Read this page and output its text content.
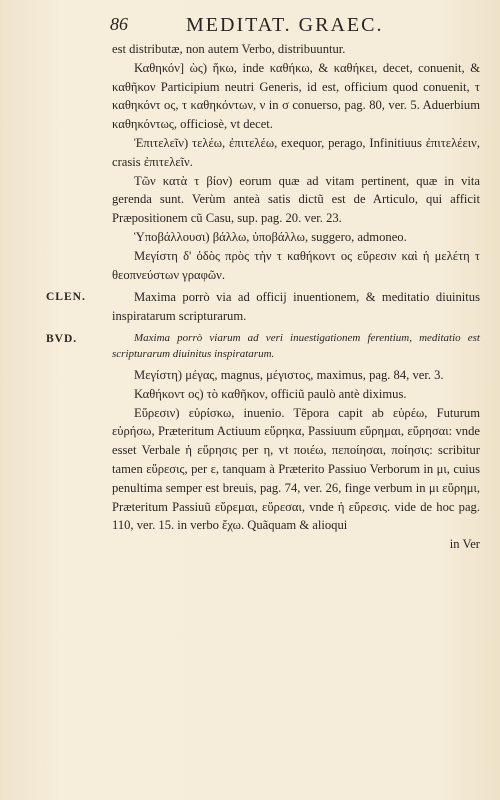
86	MEDITAT. GRAEC.

est distributæ, non autem Verbo, distribuuntur.

Καθηκόν] ὼς) ἥκω, inde καθήκω, & καθήκει, decet, conuenit, & καθῆκον Participium neutri Generis, id est, officium quod conuenit, τ καθηκόντ ος, τ καθηκόντων, ν in σ conuerso, pag. 80, ver. 5. Aduerbium καθηκόντως, officiosè, vt decet.

Ἐπιτελεῖν) τελέω, ἐπιτελέω, exequor, perago, Infinitiuus ἐπιτελέειν, crasis ἐπιτελεῖν.

Τῶν κατὰ τ βίον) eorum quæ ad vitam pertinent, quæ in vita gerenda sunt. Verùm anteà satis dictũ est de Articulo, qui afficit Præpositionem cũ Casu, sup. pag. 20. ver. 23.

Ὑποβάλλουσι) βάλλω, ὑποβάλλω, suggero, admoneo.

Μεγίστη δ' ὁδὸς πρὸς τὴν τ καθήκοντ ος εὕρεσιν καὶ ἡ μελέτη τ θεοπνεύστων γραφῶν.

CLEN.	Maxima porrò via ad officij inuentionem, & meditatio diuinitus inspiratarum scripturarum.

BVD.	Maxima porrò viarum ad veri inuestigationem ferentium, meditatio est scripturarum diuinitus inspiratarum.

Μεγίστη) μέγας, magnus, μέγιστος, maximus, pag. 84, ver. 3.

Καθήκοντ ος) τὸ καθῆκον, officiũ paulò antè diximus.

Εὕρεσιν) εὑρίσκω, inuenio. Tẽpora capit ab εὑρέω, Futurum εὑρήσω, Præteritum Actiuum εὕρηκα, Passiuum εὕρημαι, εὕρησαι: vnde esset Verbale ἡ εὕρησις per η, vt ποιέω, πεποίησαι, ποίησις: scribitur tamen εὕρεσις, per ε, tanquam à Præterito Passiuo Verborum in μι, cuius penultima semper est breuis, pag. 74, ver. 26, finge verbum in μι εὕρημι, Præteritum Passiuũ εὕρεμαι, εὕρεσαι, vnde ἡ εὕρεσις. vide de hoc pag. 110, ver. 15. in verbo ἔχω. Quãquam & alioqui

in Ver
